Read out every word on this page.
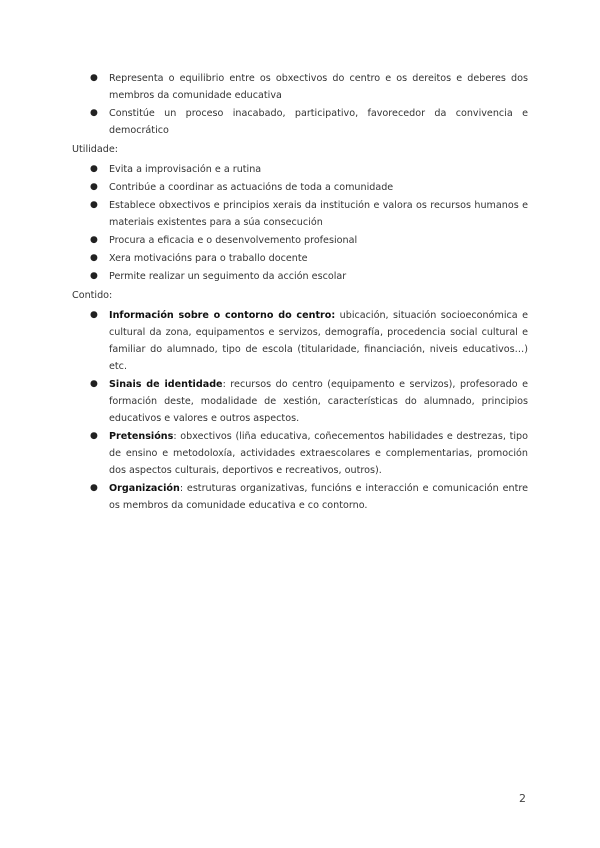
● Representa o equilibrio entre os obxectivos do centro e os dereitos e deberes dos membros da comunidade educativa
● Constitúe un proceso inacabado, participativo, favorecedor da convivencia e democrático
Utilidade:
● Evita a improvisación e a rutina
● Contribúe a coordinar as actuacións de toda a comunidade
● Establece obxectivos e principios xerais da institución e valora os recursos humanos e materiais existentes para a súa consecución
● Procura a eficacia e o desenvolvemento profesional
● Xera motivacións para o traballo docente
● Permite realizar un seguimento da acción escolar
Contido:
● Información sobre o contorno do centro: ubicación, situación socioeconómica e cultural da zona, equipamentos e servizos, demografía, procedencia social cultural e familiar do alumnado, tipo de escola (titularidade, financiación, niveis educativos…) etc.
● Sinais de identidade: recursos do centro (equipamento e servizos), profesorado e formación deste, modalidade de xestión, características do alumnado, principios educativos e valores e outros aspectos.
● Pretensións: obxectivos (liña educativa, coñecementos habilidades e destrezas, tipo de ensino e metodoloxía, actividades extraescolares e complementarias, promoción dos aspectos culturais, deportivos e recreativos, outros).
● Organización: estruturas organizativas, funcións e interacción e comunicación entre os membros da comunidade educativa e co contorno.
2
